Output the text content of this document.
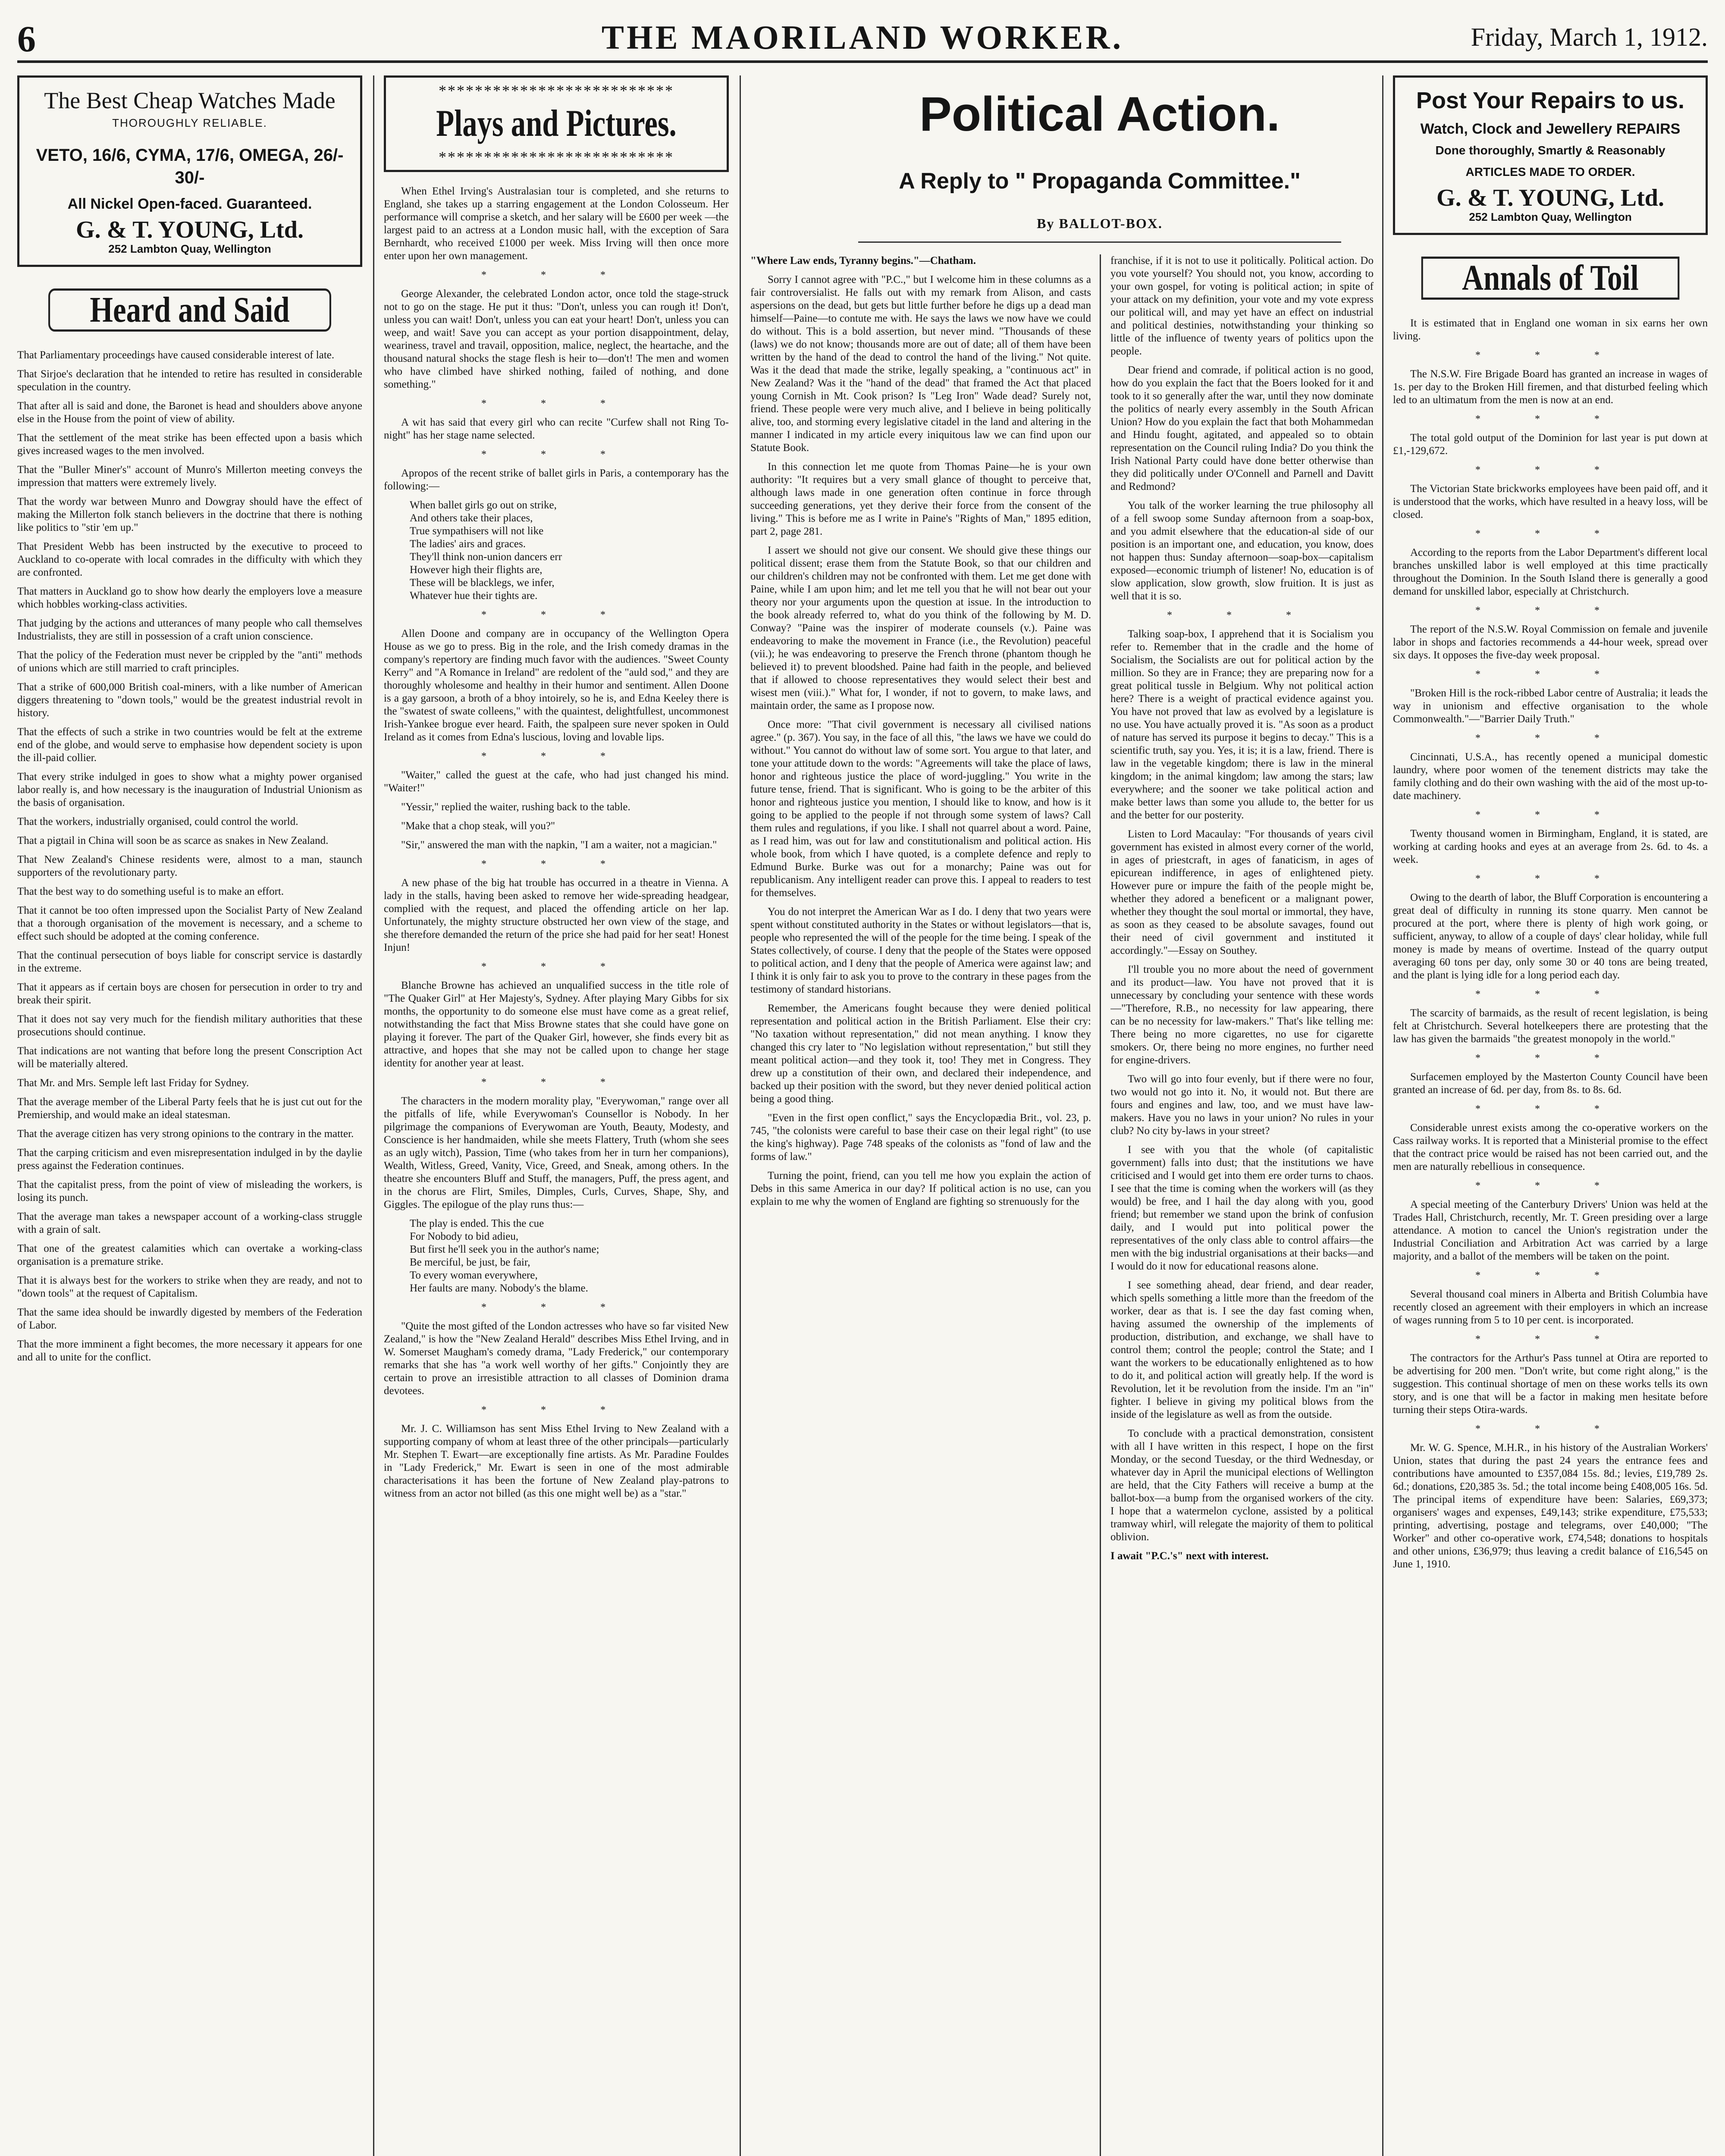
6	THE MAORILAND WORKER.	Friday, March 1, 1912.
The Best Cheap Watches Made
THOROUGHLY RELIABLE.
VETO, 16/6, CYMA, 17/6, OMEGA, 26/- 30/-
All Nickel Open-faced. Guaranteed.
G. & T. YOUNG, Ltd.
252 Lambton Quay, Wellington
Heard and Said
That Parliamentary proceedings have caused considerable interest of late.
That Sirjoe's declaration that he intended to retire has resulted in considerable speculation in the country.
That after all is said and done, the Baronet is head and shoulders above anyone else in the House from the point of view of ability.
That the settlement of the meat strike has been effected upon a basis which gives increased wages to the men involved.
That the "Buller Miner's" account of Munro's Millerton meeting conveys the impression that matters were extremely lively.
That the wordy war between Munro and Dowgray should have the effect of making the Millerton folk stanch believers in the doctrine that there is nothing like politics to "stir 'em up."
That President Webb has been instructed by the executive to proceed to Auckland to co-operate with local comrades in the difficulty with which they are confronted.
That matters in Auckland go to show how dearly the employers love a measure which hobbles working-class activities.
That judging by the actions and utterances of many people who call themselves Industrialists, they are still in possession of a craft union conscience.
That the policy of the Federation must never be crippled by the "anti" methods of unions which are still married to craft principles.
That a strike of 600,000 British coal-miners, with a like number of American diggers threatening to "down tools," would be the greatest industrial revolt in history.
That the effects of such a strike in two countries would be felt at the extreme end of the globe, and would serve to emphasise how dependent society is upon the ill-paid collier.
That every strike indulged in goes to show what a mighty power organised labor really is, and how necessary is the inauguration of Industrial Unionism as the basis of organisation.
That the workers, industrially organised, could control the world.
That a pigtail in China will soon be as scarce as snakes in New Zealand.
That New Zealand's Chinese residents were, almost to a man, staunch supporters of the revolutionary party.
That the best way to do something useful is to make an effort.
That it cannot be too often impressed upon the Socialist Party of New Zealand that a thorough organisation of the movement is necessary, and a scheme to effect such should be adopted at the coming conference.
That the continual persecution of boys liable for conscript service is dastardly in the extreme.
That it appears as if certain boys are chosen for persecution in order to try and break their spirit.
That it does not say very much for the fiendish military authorities that these prosecutions should continue.
That indications are not wanting that before long the present Conscription Act will be materially altered.
That Mr. and Mrs. Semple left last Friday for Sydney.
That the average member of the Liberal Party feels that he is just cut out for the Premiership, and would make an ideal statesman.
That the average citizen has very strong opinions to the contrary in the matter.
That the carping criticism and even misrepresentation indulged in by the daylie press against the Federation continues.
That the capitalist press, from the point of view of misleading the workers, is losing its punch.
That the average man takes a newspaper account of a working-class struggle with a grain of salt.
That one of the greatest calamities which can overtake a working-class organisation is a premature strike.
That it is always best for the workers to strike when they are ready, and not to "down tools" at the request of Capitalism.
That the same idea should be inwardly digested by members of the Federation of Labor.
That the more imminent a fight becomes, the more necessary it appears for one and all to unite for the conflict.
**************************
Plays and Pictures.
**************************

When Ethel Irving's Australasian tour is completed, and she returns to England, she takes up a starring engagement at the London Colosseum. Her performance will comprise a sketch, and her salary will be £600 per week —the largest paid to an actress at a London music hall, with the exception of Sara Bernhardt, who received £1000 per week. Miss Irving will then once more enter upon her own management.

* * *

George Alexander, the celebrated London actor, once told the stage-struck not to go on the stage. He put it thus: "Don't, unless you can rough it! Don't, unless you can wait! Don't, unless you can eat your heart! Don't, unless you can weep, and wait! Save you can accept as your portion disappointment, delay, weariness, travel and travail, opposition, malice, neglect, the heartache, and the thousand natural shocks the stage flesh is heir to—don't! The men and women who have climbed have shirked nothing, failed of nothing, and done something."

* * *

A wit has said that every girl who can recite "Curfew shall not Ring To-night" has her stage name selected.

* * *

Apropos of the recent strike of ballet girls in Paris, a contemporary has the following:—

When ballet girls go out on strike,
And others take their places,
True sympathisers will not like
The ladies' airs and graces.
They'll think non-union dancers err
However high their flights are,
These will be blacklegs, we infer,
Whatever hue their tights are.
* * *

Allen Doone and company are in occupancy of the Wellington Opera House as we go to press. Big in the role, and the Irish comedy dramas in the company's repertory are finding much favor with the audiences. "Sweet County Kerry" and "A Romance in Ireland" are redolent of the "auld sod," and they are thoroughly wholesome and healthy in their humor and sentiment. Allen Doone is a gay garsoon, a broth of a bhoy intoirely, so he is, and Edna Keeley there is the "swatest of swate colleens," with the quaintest, delightfullest, uncommonest Irish-Yankee brogue ever heard. Faith, the spalpeen sure never spoken in Ould Ireland as it comes from Edna's luscious, loving and lovable lips.

* * *

"Waiter," called the guest at the cafe, who had just changed his mind. "Waiter!"

"Yessir," replied the waiter, rushing back to the table.

"Make that a chop steak, will you?"

"Sir," answered the man with the napkin, "I am a waiter, not a magician."

* * *

A new phase of the big hat trouble has occurred in a theatre in Vienna. A lady in the stalls, having been asked to remove her wide-spreading headgear, complied with the request, and placed the offending article on her lap. Unfortunately, the mighty structure obstructed her own view of the stage, and she therefore demanded the return of the price she had paid for her seat! Honest Injun!

* * *

Blanche Browne has achieved an unqualified success in the title role of "The Quaker Girl" at Her Majesty's, Sydney. After playing Mary Gibbs for six months, the opportunity to do someone else must have come as a great relief, notwithstanding the fact that Miss Browne states that she could have gone on playing it forever. The part of the Quaker Girl, however, she finds every bit as attractive, and hopes that she may not be called upon to change her stage identity for another year at least.

* * *

The characters in the modern morality play, "Everywoman," range over all the pitfalls of life, while Everywoman's Counsellor is Nobody. In her pilgrimage the companions of Everywoman are Youth, Beauty, Modesty, and Conscience is her handmaiden, while she meets Flattery, Truth (whom she sees as an ugly witch), Passion, Time (who takes from her in turn her companions), Wealth, Witless, Greed, Vanity, Vice, Greed, and Sneak, among others. In the theatre she encounters Bluff and Stuff, the managers, Puff, the press agent, and in the chorus are Flirt, Smiles, Dimples, Curls, Curves, Shape, Shy, and Giggles. The epilogue of the play runs thus:—

The play is ended. This the cue
For Nobody to bid adieu,
But first he'll seek you in the author's name;
Be merciful, be just, be fair,
To every woman everywhere,
Her faults are many. Nobody's the blame.
* * *

"Quite the most gifted of the London actresses who have so far visited New Zealand," is how the "New Zealand Herald" describes Miss Ethel Irving, and in W. Somerset Maugham's comedy drama, "Lady Frederick," our contemporary remarks that she has "a work well worthy of her gifts." Conjointly they are certain to prove an irresistible attraction to all classes of Dominion drama devotees.

* * *

Mr. J. C. Williamson has sent Miss Ethel Irving to New Zealand with a supporting company of whom at least three of the other principals—particularly Mr. Stephen T. Ewart—are exceptionally fine artists. As Mr. Paradine Fouldes in "Lady Frederick," Mr. Ewart is seen in one of the most admirable characterisations it has been the fortune of New Zealand play-patrons to witness from an actor not billed (as this one might well be) as a "star."

Political Action.
A Reply to " Propaganda Committee."
By BALLOT-BOX.

"Where Law ends, Tyranny begins."—Chatham.

Sorry I cannot agree with "P.C.," but I welcome him in these columns as a fair controversialist. He falls out with my remark from Alison, and casts aspersions on the dead, but gets but little further before he digs up a dead man himself—Paine—to contute me with. He says the laws we now have we could do without. This is a bold assertion, but never mind. "Thousands of these (laws) we do not know; thousands more are out of date; all of them have been written by the hand of the dead to control the hand of the living." Not quite. Was it the dead that made the strike, legally speaking, a "continuous act" in New Zealand? Was it the "hand of the dead" that framed the Act that placed young Cornish in Mt. Cook prison? Is "Leg Iron" Wade dead? Surely not, friend. These people were very much alive, and I believe in being politically alive, too, and storming every legislative citadel in the land and altering in the manner I indicated in my article every iniquitous law we can find upon our Statute Book.

In this connection let me quote from Thomas Paine—he is your own authority: "It requires but a very small glance of thought to perceive that, although laws made in one generation often continue in force through succeeding generations, yet they derive their force from the consent of the living." This is before me as I write in Paine's "Rights of Man," 1895 edition, part 2, page 281.

I assert we should not give our consent. We should give these things our political dissent; erase them from the Statute Book, so that our children and our children's children may not be confronted with them. Let me get done with Paine, while I am upon him; and let me tell you that he will not bear out your theory nor your arguments upon the question at issue. In the introduction to the book already referred to, what do you think of the following by M. D. Conway? "Paine was the inspirer of moderate counsels (v.). Paine was endeavoring to make the movement in France (i.e., the Revolution) peaceful (vii.); he was endeavoring to preserve the French throne (phantom though he believed it) to prevent bloodshed. Paine had faith in the people, and believed that if allowed to choose representatives they would select their best and wisest men (viii.)." What for, I wonder, if not to govern, to make laws, and maintain order, the same as I propose now.

Once more: "That civil government is necessary all civilised nations agree." (p. 367). You say, in the face of all this, "the laws we have we could do without." You cannot do without law of some sort. You argue to that later, and tone your attitude down to the words: "Agreements will take the place of laws, honor and righteous justice the place of word-juggling." You write in the future tense, friend. That is significant. Who is going to be the arbiter of this honor and righteous justice you mention, I should like to know, and how is it going to be applied to the people if not through some system of laws? Call them rules and regulations, if you like. I shall not quarrel about a word. Paine, as I read him, was out for law and constitutionalism and political action. His whole book, from which I have quoted, is a complete defence and reply to Edmund Burke. Burke was out for a monarchy; Paine was out for republicanism. Any intelligent reader can prove this. I appeal to readers to test for themselves.

You do not interpret the American War as I do. I deny that two years were spent without constituted authority in the States or without legislators—that is, people who represented the will of the people for the time being. I speak of the States collectively, of course. I deny that the people of the States were opposed to political action, and I deny that the people of America were against law; and I think it is only fair to ask you to prove to the contrary in these pages from the testimony of standard historians.

Remember, the Americans fought because they were denied political representation and political action in the British Parliament. Else their cry: "No taxation without representation," did not mean anything. I know they changed this cry later to "No legislation without representation," but still they meant political action—and they took it, too! They met in Congress. They drew up a constitution of their own, and declared their independence, and backed up their position with the sword, but they never denied political action being a good thing.

"Even in the first open conflict," says the Encyclopædia Brit., vol. 23, p. 745, "the colonists were careful to base their case on their legal right" (to use the king's highway). Page 748 speaks of the colonists as "fond of law and the forms of law."

Turning the point, friend, can you tell me how you explain the action of Debs in this same America in our day? If political action is no use, can you explain to me why the women of England are fighting so strenuously for the

franchise, if it is not to use it politically. Political action. Do you vote yourself? You should not, you know, according to your own gospel, for voting is political action; in spite of your attack on my definition, your vote and my vote express our political will, and may yet have an effect on industrial and political destinies, notwithstanding your thinking so little of the influence of twenty years of politics upon the people.

Dear friend and comrade, if political action is no good, how do you explain the fact that the Boers looked for it and took to it so generally after the war, until they now dominate the politics of nearly every assembly in the South African Union? How do you explain the fact that both Mohammedan and Hindu fought, agitated, and appealed so to obtain representation on the Council ruling India? Do you think the Irish National Party could have done better otherwise than they did politically under O'Connell and Parnell and Davitt and Redmond?

You talk of the worker learning the true philosophy all of a fell swoop some Sunday afternoon from a soap-box, and you admit elsewhere that the education-al side of our position is an important one, and education, you know, does not happen thus: Sunday afternoon—soap-box—capitalism exposed—economic triumph of listener! No, education is of slow application, slow growth, slow fruition. It is just as well that it is so.

* * *

Talking soap-box, I apprehend that it is Socialism you refer to. Remember that in the cradle and the home of Socialism, the Socialists are out for political action by the million. So they are in France; they are preparing now for a great political tussle in Belgium. Why not political action here? There is a weight of practical evidence against you. You have not proved that law as evolved by a legislature is no use. You have actually proved it is. "As soon as a product of nature has served its purpose it begins to decay." This is a scientific truth, say you. Yes, it is; it is a law, friend. There is law in the vegetable kingdom; there is law in the mineral kingdom; in the animal kingdom; law among the stars; law everywhere; and the sooner we take political action and make better laws than some you allude to, the better for us and the better for our posterity.

Listen to Lord Macaulay: "For thousands of years civil government has existed in almost every corner of the world, in ages of priestcraft, in ages of fanaticism, in ages of epicurean indifference, in ages of enlightened piety. However pure or impure the faith of the people might be, whether they adored a beneficent or a malignant power, whether they thought the soul mortal or immortal, they have, as soon as they ceased to be absolute savages, found out their need of civil government and instituted it accordingly."—Essay on Southey.

I'll trouble you no more about the need of government and its product—law. You have not proved that it is unnecessary by concluding your sentence with these words—"Therefore, R.B., no necessity for law appearing, there can be no necessity for law-makers." That's like telling me: There being no more cigarettes, no use for cigarette smokers. Or, there being no more engines, no further need for engine-drivers.

Two will go into four evenly, but if there were no four, two would not go into it. No, it would not. But there are fours and engines and law, too, and we must have law-makers. Have you no laws in your union? No rules in your club? No city by-laws in your street?

I see with you that the whole (of capitalistic government) falls into dust; that the institutions we have criticised and I would get into them ere order turns to chaos. I see that the time is coming when the workers will (as they would) be free, and I hail the day along with you, good friend; but remember we stand upon the brink of confusion daily, and I would put into political power the representatives of the only class able to control affairs—the men with the big industrial organisations at their backs—and I would do it now for educational reasons alone.

I see something ahead, dear friend, and dear reader, which spells something a little more than the freedom of the worker, dear as that is. I see the day fast coming when, having assumed the ownership of the implements of production, distribution, and exchange, we shall have to control them; control the people; control the State; and I want the workers to be educationally enlightened as to how to do it, and political action will greatly help. If the word is Revolution, let it be revolution from the inside. I'm an "in" fighter. I believe in giving my political blows from the inside of the legislature as well as from the outside.

To conclude with a practical demonstration, consistent with all I have written in this respect, I hope on the first Monday, or the second Tuesday, or the third Wednesday, or whatever day in April the municipal elections of Wellington are held, that the City Fathers will receive a bump at the ballot-box—a bump from the organised workers of the city. I hope that a watermelon cyclone, assisted by a political tramway whirl, will relegate the majority of them to political oblivion.

I await "P.C.'s" next with interest.

Post Your Repairs to us.
Watch, Clock and Jewellery REPAIRS
Done thoroughly, Smartly & Reasonably
ARTICLES MADE TO ORDER.
G. & T. YOUNG, Ltd.
252 Lambton Quay, Wellington
Annals of Toil

It is estimated that in England one woman in six earns her own living.

* * *

The N.S.W. Fire Brigade Board has granted an increase in wages of 1s. per day to the Broken Hill firemen, and that disturbed feeling which led to an ultimatum from the men is now at an end.

* * *

The total gold output of the Dominion for last year is put down at £1,-129,672.

* * *

The Victorian State brickworks employees have been paid off, and it is understood that the works, which have resulted in a heavy loss, will be closed.

* * *

According to the reports from the Labor Department's different local branches unskilled labor is well employed at this time practically throughout the Dominion. In the South Island there is generally a good demand for unskilled labor, especially at Christchurch.

* * *

The report of the N.S.W. Royal Commission on female and juvenile labor in shops and factories recommends a 44-hour week, spread over six days. It opposes the five-day week proposal.

* * *

"Broken Hill is the rock-ribbed Labor centre of Australia; it leads the way in unionism and effective organisation to the whole Commonwealth."—"Barrier Daily Truth."

* * *

Cincinnati, U.S.A., has recently opened a municipal domestic laundry, where poor women of the tenement districts may take the family clothing and do their own washing with the aid of the most up-to-date machinery.

* * *

Twenty thousand women in Birmingham, England, it is stated, are working at carding hooks and eyes at an average from 2s. 6d. to 4s. a week.

* * *

Owing to the dearth of labor, the Bluff Corporation is encountering a great deal of difficulty in running its stone quarry. Men cannot be procured at the port, where there is plenty of high work going, or sufficient, anyway, to allow of a couple of days' clear holiday, while full money is made by means of overtime. Instead of the quarry output averaging 60 tons per day, only some 30 or 40 tons are being treated, and the plant is lying idle for a long period each day.

* * *

The scarcity of barmaids, as the result of recent legislation, is being felt at Christchurch. Several hotelkeepers there are protesting that the law has given the barmaids "the greatest monopoly in the world."

* * *

Surfacemen employed by the Masterton County Council have been granted an increase of 6d. per day, from 8s. to 8s. 6d.

* * *

Considerable unrest exists among the co-operative workers on the Cass railway works. It is reported that a Ministerial promise to the effect that the contract price would be raised has not been carried out, and the men are naturally rebellious in consequence.

* * *

A special meeting of the Canterbury Drivers' Union was held at the Trades Hall, Christchurch, recently, Mr. T. Green presiding over a large attendance. A motion to cancel the Union's registration under the Industrial Conciliation and Arbitration Act was carried by a large majority, and a ballot of the members will be taken on the point.

* * *

Several thousand coal miners in Alberta and British Columbia have recently closed an agreement with their employers in which an increase of wages running from 5 to 10 per cent. is incorporated.

* * *

The contractors for the Arthur's Pass tunnel at Otira are reported to be advertising for 200 men. "Don't write, but come right along," is the suggestion. This continual shortage of men on these works tells its own story, and is one that will be a factor in making men hesitate before turning their steps Otira-wards.

* * *

Mr. W. G. Spence, M.H.R., in his history of the Australian Workers' Union, states that during the past 24 years the entrance fees and contributions have amounted to £357,084 15s. 8d.; levies, £19,789 2s. 6d.; donations, £20,385 3s. 5d.; the total income being £408,005 16s. 5d. The principal items of expenditure have been: Salaries, £69,373; organisers' wages and expenses, £49,143; strike expenditure, £75,533; printing, advertising, postage and telegrams, over £40,000; "The Worker" and other co-operative work, £74,548; donations to hospitals and other unions, £36,979; thus leaving a credit balance of £16,545 on June 1, 1910.
